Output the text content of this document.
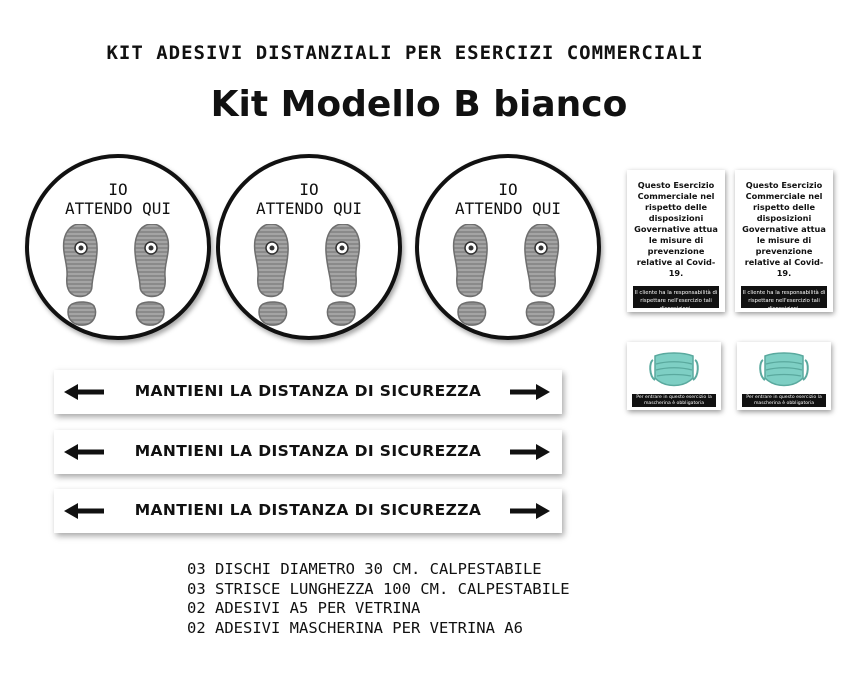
KIT ADESIVI DISTANZIALI PER ESERCIZI COMMERCIALI
Kit Modello B bianco
IO
ATTENDO QUI
IO
ATTENDO QUI
IO
ATTENDO QUI
MANTIENI LA DISTANZA DI SICUREZZA
MANTIENI LA DISTANZA DI SICUREZZA
MANTIENI LA DISTANZA DI SICUREZZA
Questo Esercizio Commerciale nel rispetto delle disposizioni Governative attua le misure di prevenzione relative al Covid-19.
Il cliente ha la responsabilità di rispettare nell'esercizio tali disposizioni.
Questo Esercizio Commerciale nel rispetto delle disposizioni Governative attua le misure di prevenzione relative al Covid-19.
Il cliente ha la responsabilità di rispettare nell'esercizio tali disposizioni.
Per entrare in questo esercizio la mascherina è obbligatoria
Per entrare in questo esercizio la mascherina è obbligatoria
03 DISCHI DIAMETRO 30 CM. CALPESTABILE
03 STRISCE LUNGHEZZA 100 CM. CALPESTABILE
02 ADESIVI A5 PER VETRINA
02 ADESIVI MASCHERINA PER VETRINA A6
